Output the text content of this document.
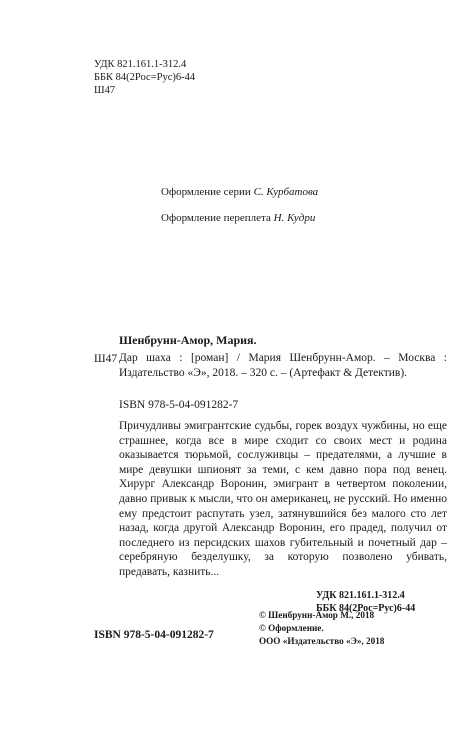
УДК 821.161.1-312.4
ББК 84(2Рос=Рус)6-44
Ш47
Оформление серии С. Курбатова
Оформление переплета Н. Кудри
Шенбрунн-Амор, Мария.
Ш47 Дар шаха : [роман] / Мария Шенбрунн-Амор. – Москва : Издательство «Э», 2018. – 320 с. – (Артефакт & Детектив).
ISBN 978-5-04-091282-7

Причудливы эмигрантские судьбы, горек воздух чужбины, но еще страшнее, когда все в мире сходит со своих мест и родина оказывается тюрьмой, сослуживцы – предателями, а лучшие в мире девушки шпионят за теми, с кем давно пора под венец. Хирург Александр Воронин, эмигрант в четвертом поколении, давно привык к мысли, что он американец, не русский. Но именно ему предстоит распутать узел, затянувшийся без малого сто лет назад, когда другой Александр Воронин, его прадед, получил от последнего из персидских шахов губительный и почетный дар – серебряную безделушку, за которую позволено убивать, предавать, казнить...

УДК 821.161.1-312.4
ББК 84(2Рос=Рус)6-44
© Шенбрунн-Амор М., 2018
© Оформление.
ООО «Издательство «Э», 2018
ISBN 978-5-04-091282-7
